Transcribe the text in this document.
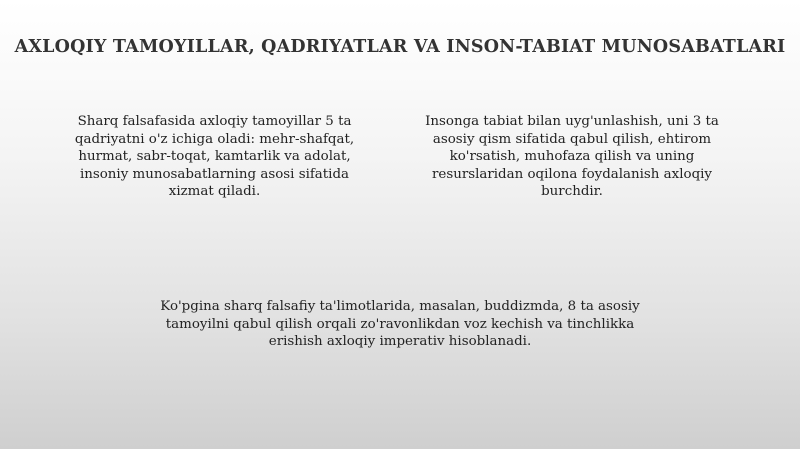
AXLOQIY TAMOYILLAR, QADRIYATLAR VA INSON-TABIAT MUNOSABATLARI
Sharq falsafasida axloqiy tamoyillar 5 ta qadriyatni o'z ichiga oladi: mehr-shafqat, hurmat, sabr-toqat, kamtarlik va adolat, insoniy munosabatlarning asosi sifatida xizmat qiladi.
Insonga tabiat bilan uyg'unlashish, uni 3 ta asosiy qism sifatida qabul qilish, ehtirom ko'rsatish, muhofaza qilish va uning resurslaridan oqilona foydalanish axloqiy burchdir.
Ko'pgina sharq falsafiy ta'limotlarida, masalan, buddizmda, 8 ta asosiy tamoyilni qabul qilish orqali zo'ravonlikdan voz kechish va tinchlikka erishish axloqiy imperativ hisoblanadi.
